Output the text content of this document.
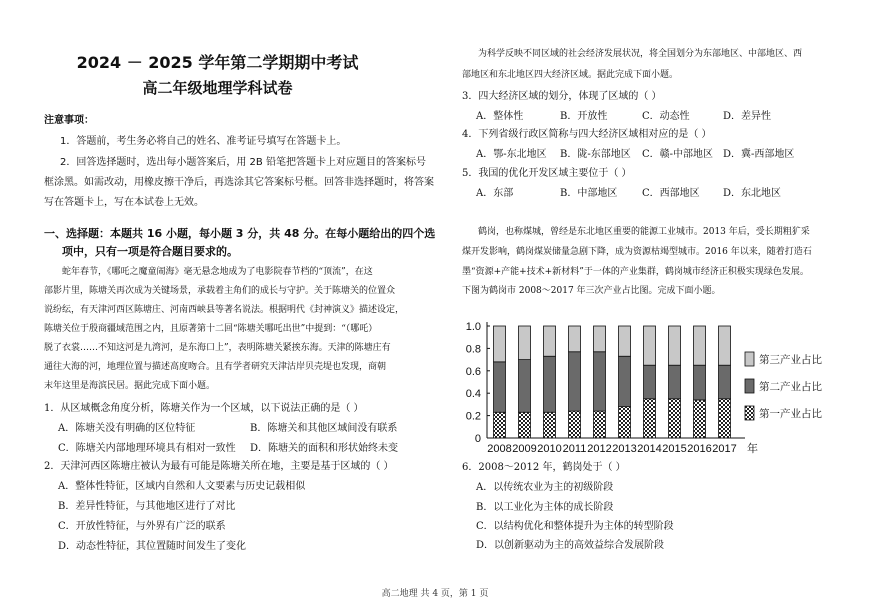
2024 － 2025 学年第二学期期中考试
高二年级地理学科试卷
注意事项：
1．答题前，考生务必将自己的姓名、准考证号填写在答题卡上。
2．回答选择题时，选出每小题答案后，用 2B 铅笔把答题卡上对应题目的答案标号
框涂黑。如需改动，用橡皮擦干净后，再选涂其它答案标号框。回答非选择题时，将答案
写在答题卡上，写在本试卷上无效。
一、选择题：本题共 16 小题，每小题 3 分，共 48 分。在每小题给出的四个选
项中，只有一项是符合题目要求的。
蛇年春节，《哪吒之魔童闹海》毫无悬念地成为了电影院春节档的“顶流”，在这
部影片里，陈塘关再次成为关键场景，承载着主角们的成长与守护。关于陈塘关的位置众
说纷纭，有天津河西区陈塘庄、河南西峡县等著名说法。根据明代《封神演义》描述设定，
陈塘关位于殷商疆域范围之内，且原著第十二回“陈塘关哪吒出世”中提到：“（哪吒）
脱了衣裳……不知这河是九湾河，是东海口上”，表明陈塘关紧挨东海。天津的陈塘庄有
通往大海的河，地理位置与描述高度吻合。且有学者研究天津沽岸贝壳堤也发现，商朝
末年这里是海滨民居。据此完成下面小题。
1．从区域概念角度分析，陈塘关作为一个区域，以下说法正确的是（ ）
A．陈塘关没有明确的区位特征	B．陈塘关和其他区域间没有联系
C．陈塘关内部地理环境具有相对一致性 D．陈塘关的面积和形状始终未变
2．天津河西区陈塘庄被认为最有可能是陈塘关所在地，主要是基于区域的（ ）
A．整体性特征，区域内自然和人文要素与历史记载相似
B．差异性特征，与其他地区进行了对比
C．开放性特征，与外界有广泛的联系
D．动态性特征，其位置随时间发生了变化
为科学反映不同区域的社会经济发展状况，将全国划分为东部地区、中部地区、西
部地区和东北地区四大经济区域。据此完成下面小题。
3．四大经济区域的划分，体现了区域的（ ）
A．整体性	B．开放性	C．动态性	D．差异性
4．下列省级行政区简称与四大经济区域相对应的是（ ）
A．鄂-东北地区 B．陇-东部地区 C．赣-中部地区 D．冀-西部地区
5．我国的优化开发区域主要位于（ ）
A．东部	B．中部地区 C．西部地区 D．东北地区
鹤岗，也称煤城，曾经是东北地区重要的能源工业城市。2013 年后，受长期粗犷采
煤开发影响，鹤岗煤炭储量急剧下降，成为资源枯竭型城市。2016 年以来，随着打造石
墨“资源+产能+技术+新材料”于一体的产业集群，鹤岗城市经济正积极实现绿色发展。
下图为鹤岗市 2008～2017 年三次产业占比图。完成下面小题。
0
0.2
0.4
0.6
0.8
1.0
2008 2009 2010 2011 2012 2013 2014 2015 2016 2017 年
第三产业占比
第二产业占比
第一产业占比
6．2008～2012 年，鹤岗处于（ ）
A．以传统农业为主的初级阶段
B．以工业化为主体的成长阶段
C．以结构优化和整体提升为主体的转型阶段
D．以创新驱动为主的高效益综合发展阶段
高二地理 共 4 页，第 1 页
